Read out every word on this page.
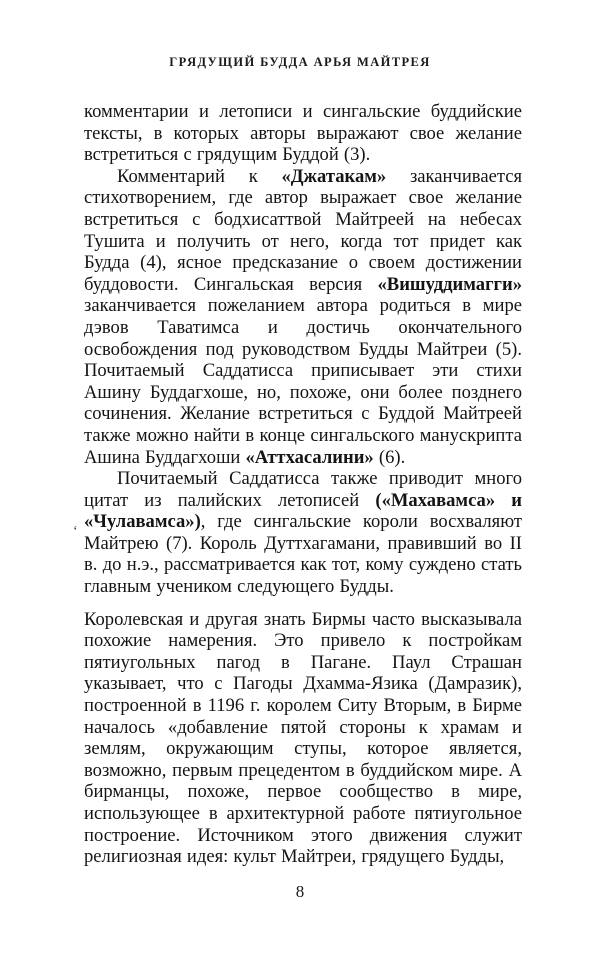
ГРЯДУЩИЙ БУДДА АРЬЯ МАЙТРЕЯ

комментарии и летописи и сингальские буддийские тексты, в которых авторы выражают свое желание встретиться с грядущим Буддой (3).

Комментарий к «Джатакам» заканчивается стихотворением, где автор выражает свое желание встретиться с бодхисаттвой Майтреей на небесах Тушита и получить от него, когда тот придет как Будда (4), ясное предсказание о своем достижении буддовости. Сингальская версия «Вишуддимагги» заканчивается пожеланием автора родиться в мире дэвов Таватимса и достичь окончательного освобождения под руководством Будды Майтреи (5). Почитаемый Саддатисса приписывает эти стихи Ашину Буддагхоше, но, похоже, они более позднего сочинения. Желание встретиться с Буддой Майтреей также можно найти в конце сингальского манускрипта Ашина Буддагхоши «Аттхасалини» (6).

Почитаемый Саддатисса также приводит много цитат из палийских летописей («Махавамса» и «Чулавамса»), где сингальские короли восхваляют Майтрею (7). Король Дуттхагамани, правивший во II в. до н.э., рассматривается как тот, кому суждено стать главным учеником следующего Будды.

Королевская и другая знать Бирмы часто высказывала похожие намерения. Это привело к постройкам пятиугольных пагод в Пагане. Паул Страшан указывает, что с Пагоды Дхамма-Язика (Дамразик), построенной в 1196 г. королем Ситу Вторым, в Бирме началось «добавление пятой стороны к храмам и землям, окружающим ступы, которое является, возможно, первым прецедентом в буддийском мире. А бирманцы, похоже, первое сообщество в мире, использующее в архитектурной работе пятиугольное построение. Источником этого движения служит религиозная идея: культ Майтреи, грядущего Будды,

‘
8
